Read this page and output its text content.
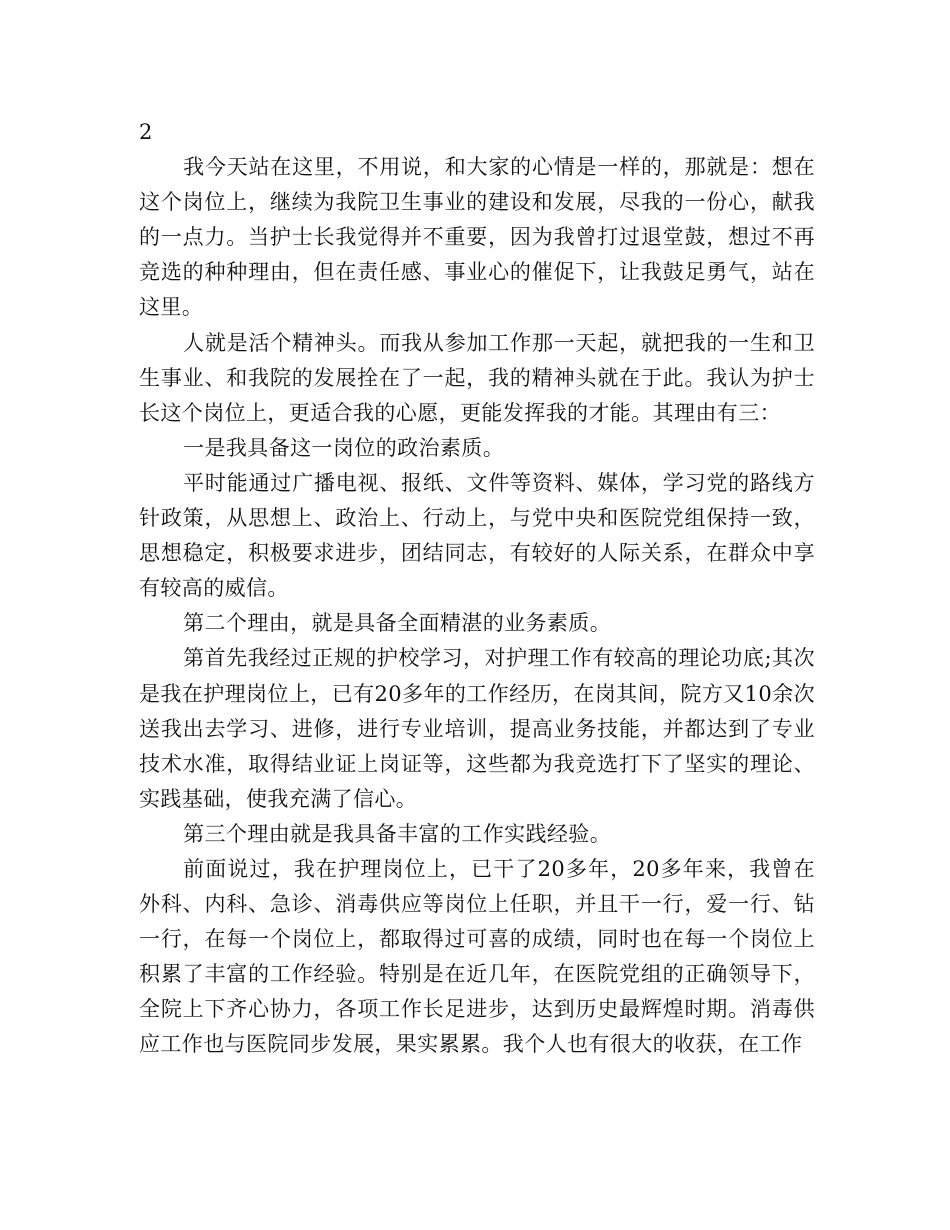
2

我今天站在这里，不用说，和大家的心情是一样的，那就是：想在这个岗位上，继续为我院卫生事业的建设和发展，尽我的一份心，献我的一点力。当护士长我觉得并不重要，因为我曾打过退堂鼓，想过不再竞选的种种理由，但在责任感、事业心的催促下，让我鼓足勇气，站在这里。

人就是活个精神头。而我从参加工作那一天起，就把我的一生和卫生事业、和我院的发展拴在了一起，我的精神头就在于此。我认为护士长这个岗位上，更适合我的心愿，更能发挥我的才能。其理由有三：

一是我具备这一岗位的政治素质。

平时能通过广播电视、报纸、文件等资料、媒体，学习党的路线方针政策，从思想上、政治上、行动上，与党中央和医院党组保持一致，思想稳定，积极要求进步，团结同志，有较好的人际关系，在群众中享有较高的威信。

第二个理由，就是具备全面精湛的业务素质。

第首先我经过正规的护校学习，对护理工作有较高的理论功底;其次是我在护理岗位上，已有20多年的工作经历，在岗其间，院方又10余次送我出去学习、进修，进行专业培训，提高业务技能，并都达到了专业技术水准，取得结业证上岗证等，这些都为我竞选打下了坚实的理论、实践基础，使我充满了信心。

第三个理由就是我具备丰富的工作实践经验。

前面说过，我在护理岗位上，已干了20多年，20多年来，我曾在外科、内科、急诊、消毒供应等岗位上任职，并且干一行，爱一行、钻一行，在每一个岗位上，都取得过可喜的成绩，同时也在每一个岗位上积累了丰富的工作经验。特别是在近几年，在医院党组的正确领导下，全院上下齐心协力，各项工作长足进步，达到历史最辉煌时期。消毒供应工作也与医院同步发展，果实累累。我个人也有很大的收获，在工作
